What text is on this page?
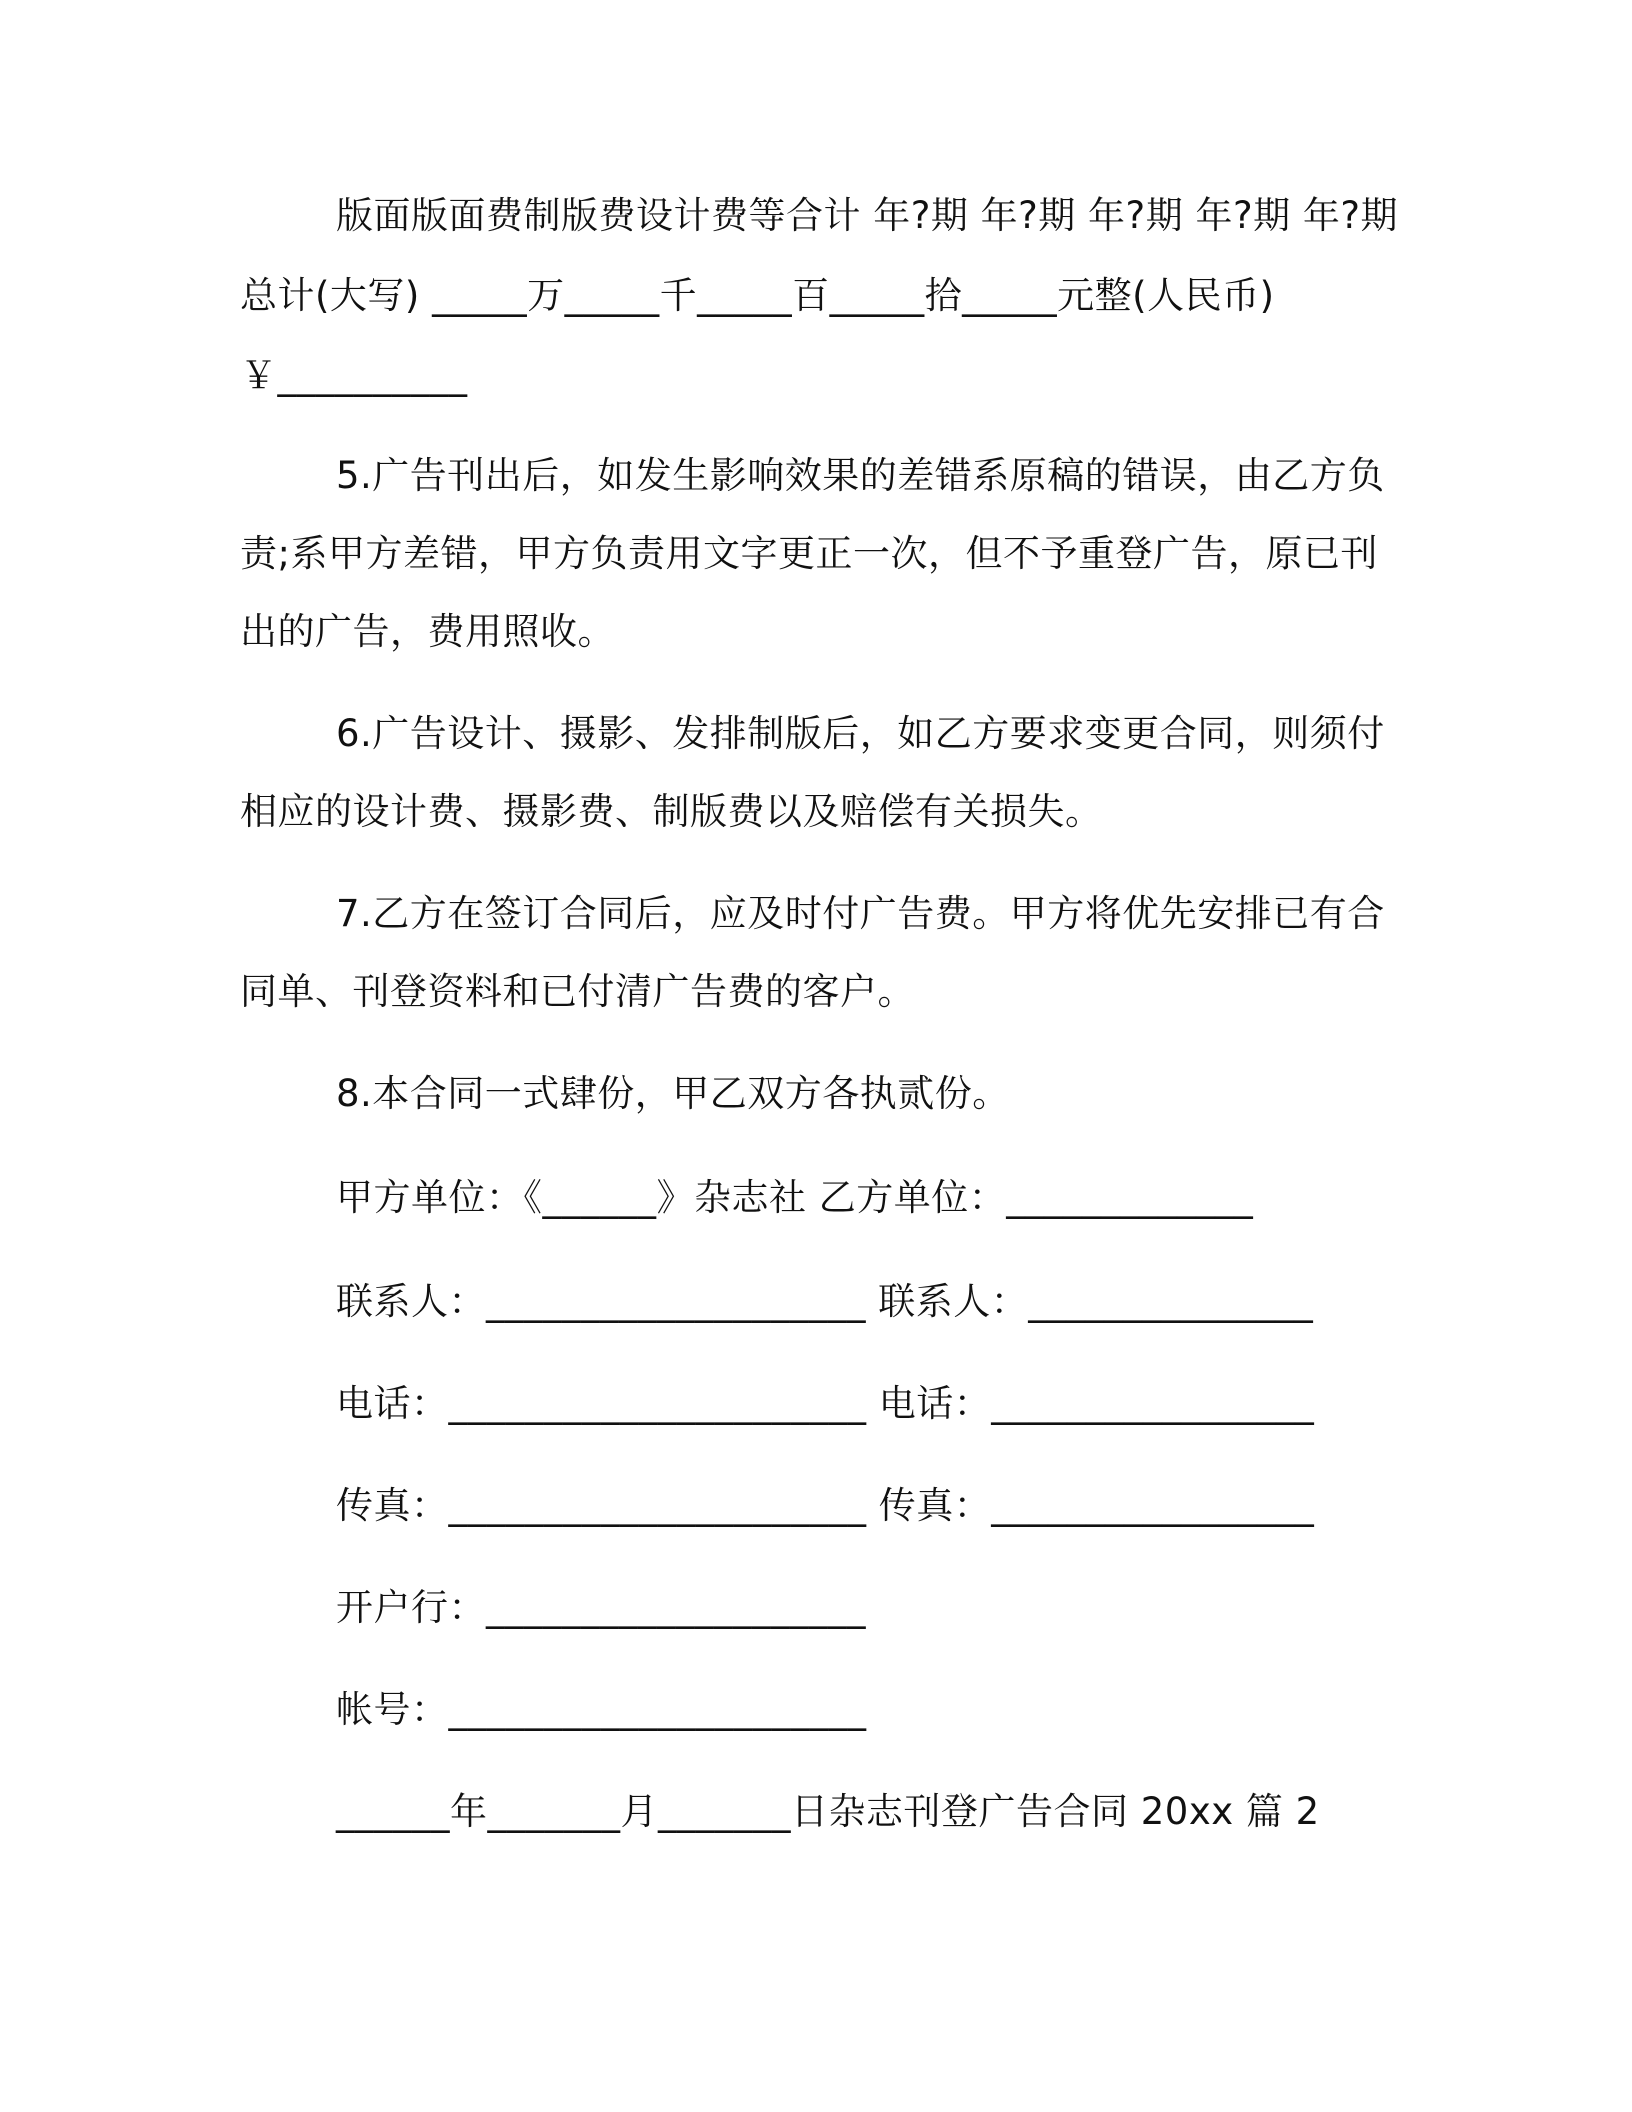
版面版面费制版费设计费等合计 年?期 年?期 年?期 年?期 年?期
总计(大写) _____万_____千_____百_____拾_____元整(人民币)
￥__________
5.广告刊出后，如发生影响效果的差错系原稿的错误，由乙方负
责;系甲方差错，甲方负责用文字更正一次，但不予重登广告，原已刊
出的广告，费用照收。
6.广告设计、摄影、发排制版后，如乙方要求变更合同，则须付
相应的设计费、摄影费、制版费以及赔偿有关损失。
7.乙方在签订合同后，应及时付广告费。甲方将优先安排已有合
同单、刊登资料和已付清广告费的客户。
8.本合同一式肆份，甲乙双方各执贰份。
甲方单位：《______》杂志社 乙方单位：_____________
联系人：____________________ 联系人：_______________
电话：______________________ 电话：_________________
传真：______________________ 传真：_________________
开户行：____________________
帐号：______________________
______年_______月_______日杂志刊登广告合同 20xx 篇 2
